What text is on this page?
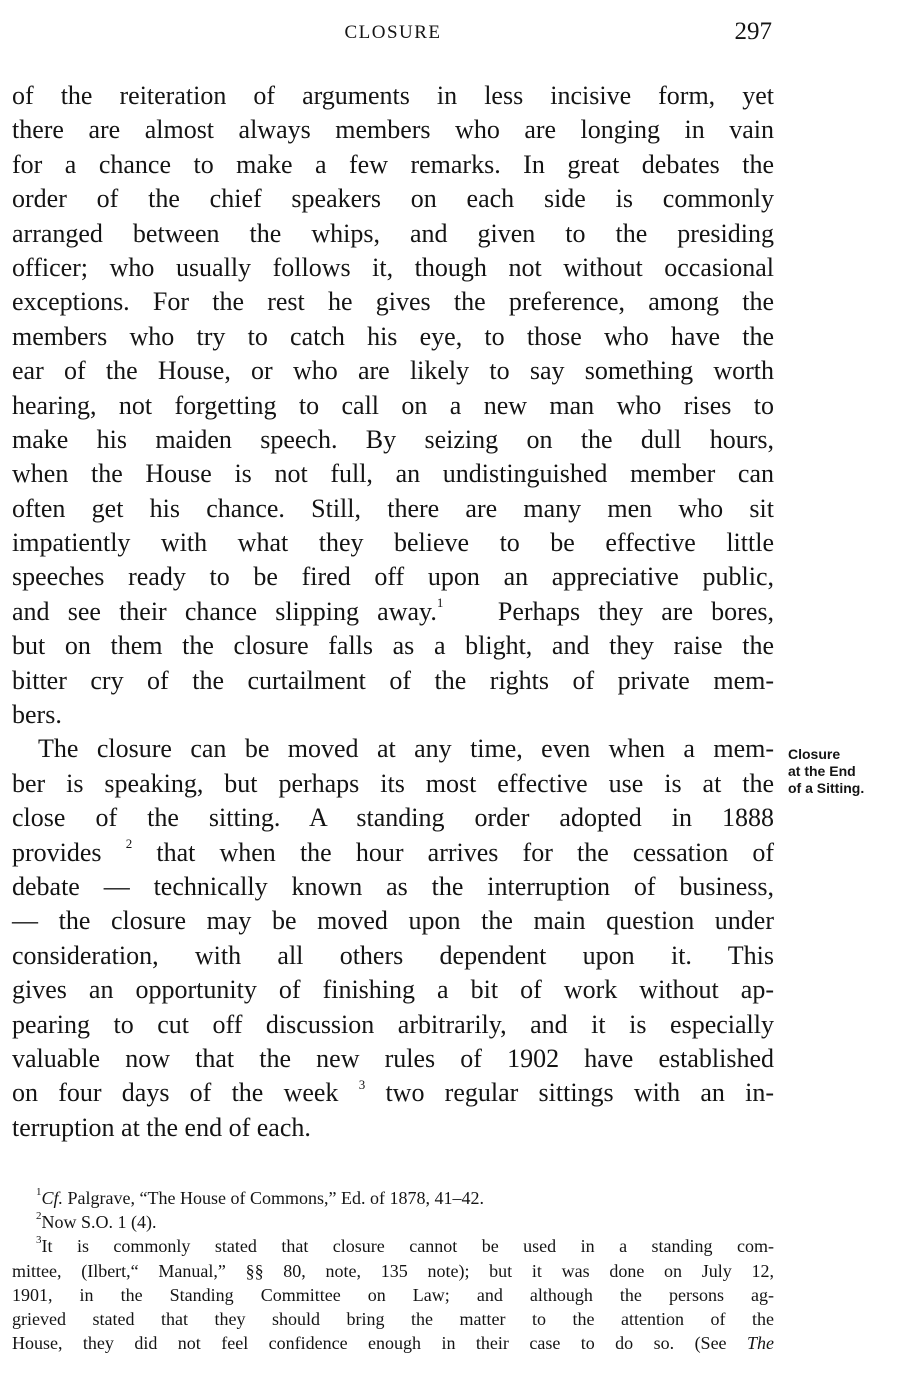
CLOSURE	297
of the reiteration of arguments in less incisive form, yet
there are almost always members who are longing in vain
for a chance to make a few remarks. In great debates the
order of the chief speakers on each side is commonly
arranged between the whips, and given to the presiding
officer; who usually follows it, though not without occasional
exceptions. For the rest he gives the preference, among the
members who try to catch his eye, to those who have the
ear of the House, or who are likely to say something worth
hearing, not forgetting to call on a new man who rises to
make his maiden speech. By seizing on the dull hours,
when the House is not full, an undistinguished member can
often get his chance. Still, there are many men who sit
impatiently with what they believe to be effective little
speeches ready to be fired off upon an appreciative public,
and see their chance slipping away.$^1$ Perhaps they are bores,
but on them the closure falls as a blight, and they raise the
bitter cry of the curtailment of the rights of private mem-
bers.
The closure can be moved at any time, even when a mem-
ber is speaking, but perhaps its most effective use is at the
close of the sitting. A standing order adopted in 1888
provides $^2$ that when the hour arrives for the cessation of
debate — technically known as the interruption of business,
— the closure may be moved upon the main question under
consideration, with all others dependent upon it. This
gives an opportunity of finishing a bit of work without ap-
pearing to cut off discussion arbitrarily, and it is especially
valuable now that the new rules of 1902 have established
on four days of the week $^3$ two regular sittings with an in-
terruption at the end of each.
Closure
at the End
of a Sitting.
$^1$Cf. Palgrave, “The House of Commons,” Ed. of 1878, 41–42.
$^2$Now S.O. 1 (4).
$^3$It is commonly stated that closure cannot be used in a standing com-
mittee, (Ilbert,“ Manual,” §§ 80, note, 135 note); but it was done on July 12,
1901, in the Standing Committee on Law; and although the persons ag-
grieved stated that they should bring the matter to the attention of the
House, they did not feel confidence enough in their case to do so. (See The
